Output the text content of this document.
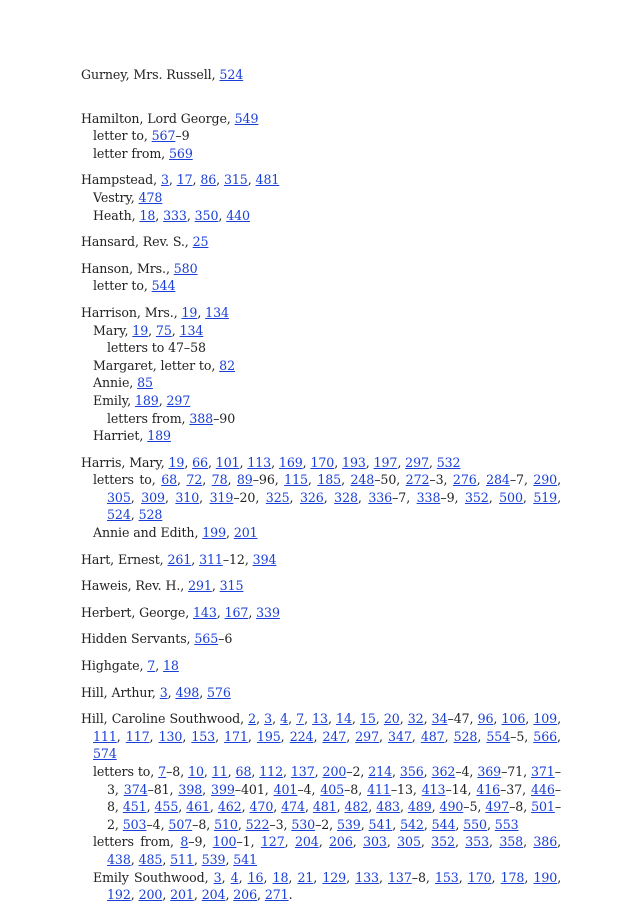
Gurney, Mrs. Russell, 524
Hamilton, Lord George, 549
letter to, 567–9
letter from, 569
Hampstead, 3, 17, 86, 315, 481
Vestry, 478
Heath, 18, 333, 350, 440
Hansard, Rev. S., 25
Hanson, Mrs., 580
letter to, 544
Harrison, Mrs., 19, 134
Mary, 19, 75, 134
letters to 47–58
Margaret, letter to, 82
Annie, 85
Emily, 189, 297
letters from, 388–90
Harriet, 189
Harris, Mary, 19, 66, 101, 113, 169, 170, 193, 197, 297, 532
letters to, 68, 72, 78, 89–96, 115, 185, 248–50, 272–3, 276, 284–7, 290, 305, 309, 310, 319–20, 325, 326, 328, 336–7, 338–9, 352, 500, 519, 524, 528
Annie and Edith, 199, 201
Hart, Ernest, 261, 311–12, 394
Haweis, Rev. H., 291, 315
Herbert, George, 143, 167, 339
Hidden Servants, 565–6
Highgate, 7, 18
Hill, Arthur, 3, 498, 576
Hill, Caroline Southwood, 2, 3, 4, 7, 13, 14, 15, 20, 32, 34–47, 96, 106, 109, 111, 117, 130, 153, 171, 195, 224, 247, 297, 347, 487, 528, 554–5, 566, 574
letters to, 7–8, 10, 11, 68, 112, 137, 200–2, 214, 356, 362–4, 369–71, 371–3, 374–81, 398, 399–401, 401–4, 405–8, 411–13, 413–14, 416–37, 446–8, 451, 455, 461, 462, 470, 474, 481, 482, 483, 489, 490–5, 497–8, 501–2, 503–4, 507–8, 510, 522–3, 530–2, 539, 541, 542, 544, 550, 553
letters from, 8–9, 100–1, 127, 204, 206, 303, 305, 352, 353, 358, 386, 438, 485, 511, 539, 541
Emily Southwood, 3, 4, 16, 18, 21, 129, 133, 137–8, 153, 170, 178, 190, 192, 200, 201, 204, 206, 271.
